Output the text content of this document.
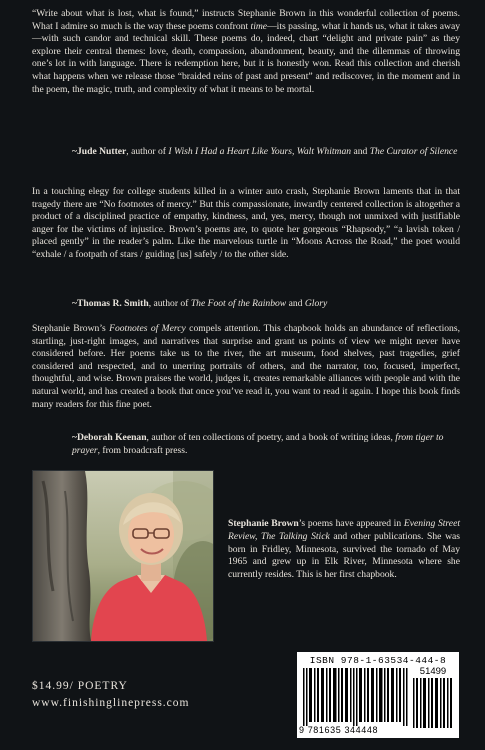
“Write about what is lost, what is found,” instructs Stephanie Brown in this wonderful collection of poems. What I admire so much is the way these poems confront time—its passing, what it hands us, what it takes away—with such candor and technical skill. These poems do, indeed, chart “delight and private pain” as they explore their central themes: love, death, compassion, abandonment, beauty, and the dilemmas of throwing one’s lot in with language. There is redemption here, but it is honestly won. Read this collection and cherish what happens when we release those “braided reins of past and present” and rediscover, in the moment and in the poem, the magic, truth, and complexity of what it means to be mortal.

~Jude Nutter, author of I Wish I Had a Heart Like Yours, Walt Whitman and The Curator of Silence

In a touching elegy for college students killed in a winter auto crash, Stephanie Brown laments that in that tragedy there are “No footnotes of mercy.” But this compassionate, inwardly centered collection is altogether a product of a disciplined practice of empathy, kindness, and, yes, mercy, though not unmixed with justifiable anger for the victims of injustice. Brown’s poems are, to quote her gorgeous “Rhapsody,” “a lavish token / placed gently” in the reader’s palm. Like the marvelous turtle in “Moons Across the Road,” the poet would “exhale / a footpath of stars / guiding [us] safely / to the other side.

~Thomas R. Smith, author of The Foot of the Rainbow and Glory

Stephanie Brown’s Footnotes of Mercy compels attention. This chapbook holds an abundance of reflections, startling, just-right images, and narratives that surprise and grant us points of view we might never have considered before. Her poems take us to the river, the art museum, food shelves, past tragedies, grief considered and respected, and to unerring portraits of others, and the narrator, too, focused, imperfect, thoughtful, and wise. Brown praises the world, judges it, creates remarkable alliances with people and with the natural world, and has created a book that once you’ve read it, you want to read it again. I hope this book finds many readers for this fine poet.

~Deborah Keenan, author of ten collections of poetry, and a book of writing ideas, from tiger to prayer, from broadcraft press.

Stephanie Brown’s poems have appeared in Evening Street Review, The Talking Stick and other publications. She was born in Fridley, Minnesota, survived the tornado of May 1965 and grew up in Elk River, Minnesota where she currently resides. This is her first chapbook.

$14.99/ POETRY

www.finishinglinepress.com

ISBN 978-1-63534-444-8

51499

9 781635 344448
